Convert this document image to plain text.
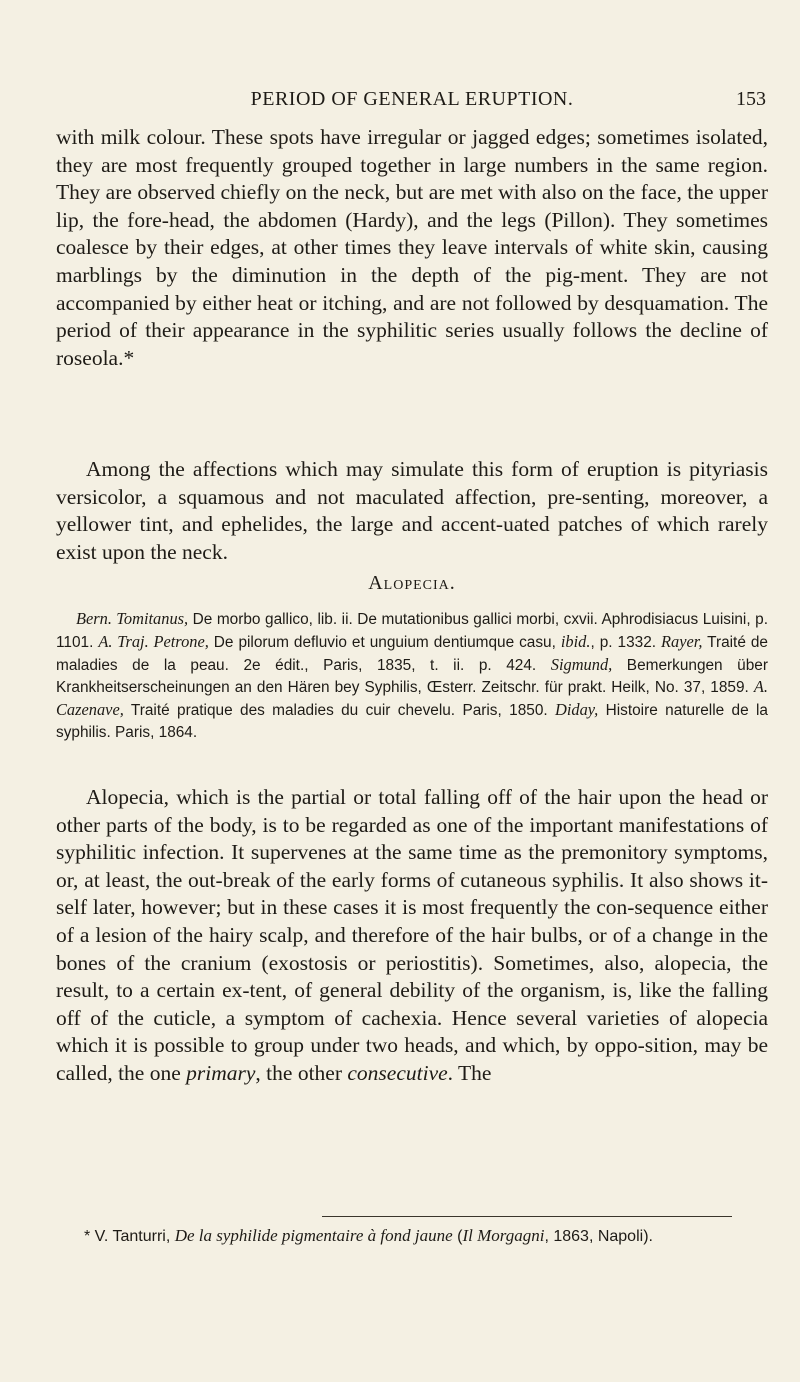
PERIOD OF GENERAL ERUPTION.	153

with milk colour. These spots have irregular or jagged edges; sometimes isolated, they are most frequently grouped together in large numbers in the same region. They are observed chiefly on the neck, but are met with also on the face, the upper lip, the fore-head, the abdomen (Hardy), and the legs (Pillon). They sometimes coalesce by their edges, at other times they leave intervals of white skin, causing marblings by the diminution in the depth of the pig-ment. They are not accompanied by either heat or itching, and are not followed by desquamation. The period of their appearance in the syphilitic series usually follows the decline of roseola.*

Among the affections which may simulate this form of eruption is pityriasis versicolor, a squamous and not maculated affection, pre-senting, moreover, a yellower tint, and ephelides, the large and accent-uated patches of which rarely exist upon the neck.

Alopecia.

Bern. Tomitanus, De morbo gallico, lib. ii. De mutationibus gallici morbi, cxvii. Aphrodisiacus Luisini, p. 1101. A. Traj. Petrone, De pilorum defluvio et unguium dentiumque casu, ibid., p. 1332. Rayer, Traité de maladies de la peau. 2e édit., Paris, 1835, t. ii. p. 424. Sigmund, Bemerkungen über Krankheitserscheinungen an den Hären bey Syphilis, Œsterr. Zeitschr. für prakt. Heilk, No. 37, 1859. A. Cazenave, Traité pratique des maladies du cuir chevelu. Paris, 1850. Diday, Histoire naturelle de la syphilis. Paris, 1864.

Alopecia, which is the partial or total falling off of the hair upon the head or other parts of the body, is to be regarded as one of the important manifestations of syphilitic infection. It supervenes at the same time as the premonitory symptoms, or, at least, the out-break of the early forms of cutaneous syphilis. It also shows it-self later, however; but in these cases it is most frequently the con-sequence either of a lesion of the hairy scalp, and therefore of the hair bulbs, or of a change in the bones of the cranium (exostosis or periostitis). Sometimes, also, alopecia, the result, to a certain ex-tent, of general debility of the organism, is, like the falling off of the cuticle, a symptom of cachexia. Hence several varieties of alopecia which it is possible to group under two heads, and which, by oppo-sition, may be called, the one primary, the other consecutive. The

* V. Tanturri, De la syphilide pigmentaire à fond jaune (Il Morgagni, 1863, Napoli).
